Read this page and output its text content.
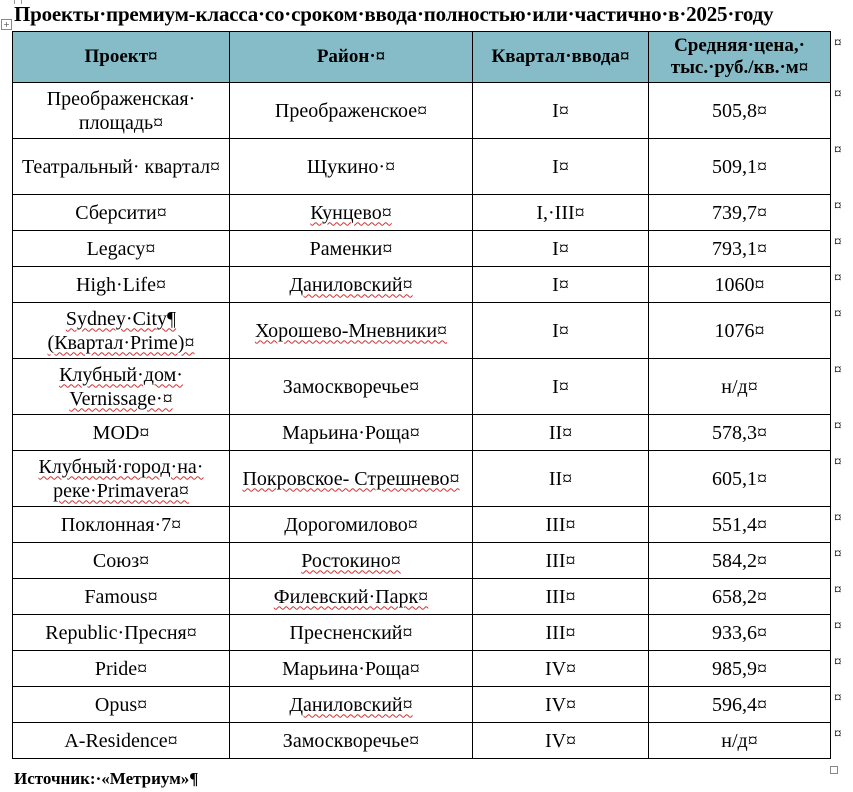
+ Проекты·премиум-класса·со·сроком·ввода·полностью·или·частично·в·2025·году
Проект¤	Район·¤	Квартал·ввода¤	Средняя·цена,· тыс.·руб./кв.·м¤
Преображенская· площадь¤	Преображенское¤	I¤	505,8¤
Театральный· квартал¤	Щукино·¤	I¤	509,1¤
Сберсити¤	Кунцево¤	I,·III¤	739,7¤
Legacy¤	Раменки¤	I¤	793,1¤
High·Life¤	Даниловский¤	I¤	1060¤
Sydney·City¶
(Квартал·Prime)¤	Хорошево-Мневники¤	I¤	1076¤
Клубный·дом· Vernissage·¤	Замоскворечье¤	I¤	н/д¤
MOD¤	Марьина·Роща¤	II¤	578,3¤
Клубный·город·на· реке·Primavera¤	Покровское- Стрешнево¤	II¤	605,1¤
Поклонная·7¤	Дорогомилово¤	III¤	551,4¤
Союз¤	Ростокино¤	III¤	584,2¤
Famous¤	Филевский·Парк¤	III¤	658,2¤
Republic·Пресня¤	Пресненский¤	III¤	933,6¤
Pride¤	Марьина·Роща¤	IV¤	985,9¤
Opus¤	Даниловский¤	IV¤	596,4¤
A-Residence¤	Замоскворечье¤	IV¤	н/д¤
¤
¤
¤
¤
¤
¤
¤
¤
¤
¤
¤
¤
¤
¤
¤
¤
¤
Источник:·«Метриум»¶
